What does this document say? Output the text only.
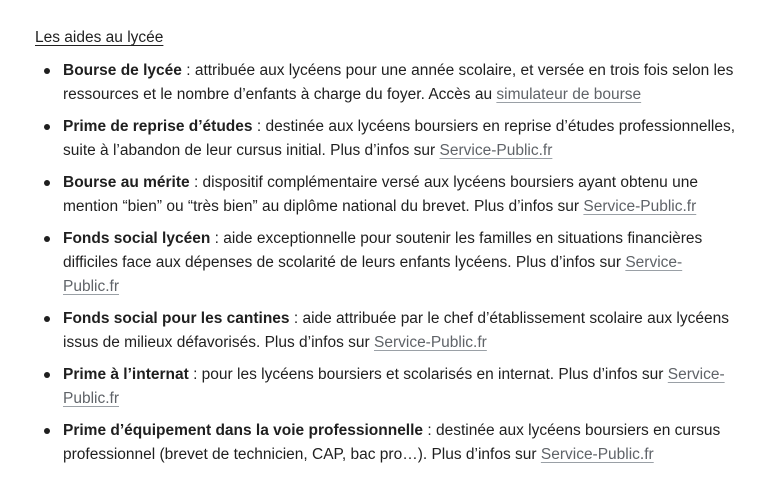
Les aides au lycée
Bourse de lycée : attribuée aux lycéens pour une année scolaire, et versée en trois fois selon les ressources et le nombre d’enfants à charge du foyer. Accès au simulateur de bourse
Prime de reprise d’études : destinée aux lycéens boursiers en reprise d’études professionnelles, suite à l’abandon de leur cursus initial. Plus d’infos sur Service-Public.fr
Bourse au mérite : dispositif complémentaire versé aux lycéens boursiers ayant obtenu une mention “bien” ou “très bien” au diplôme national du brevet. Plus d’infos sur Service-Public.fr
Fonds social lycéen : aide exceptionnelle pour soutenir les familles en situations financières difficiles face aux dépenses de scolarité de leurs enfants lycéens. Plus d’infos sur Service-Public.fr
Fonds social pour les cantines : aide attribuée par le chef d’établissement scolaire aux lycéens issus de milieux défavorisés. Plus d’infos sur Service-Public.fr
Prime à l’internat : pour les lycéens boursiers et scolarisés en internat. Plus d’infos sur Service-Public.fr
Prime d’équipement dans la voie professionnelle : destinée aux lycéens boursiers en cursus professionnel (brevet de technicien, CAP, bac pro…). Plus d’infos sur Service-Public.fr
